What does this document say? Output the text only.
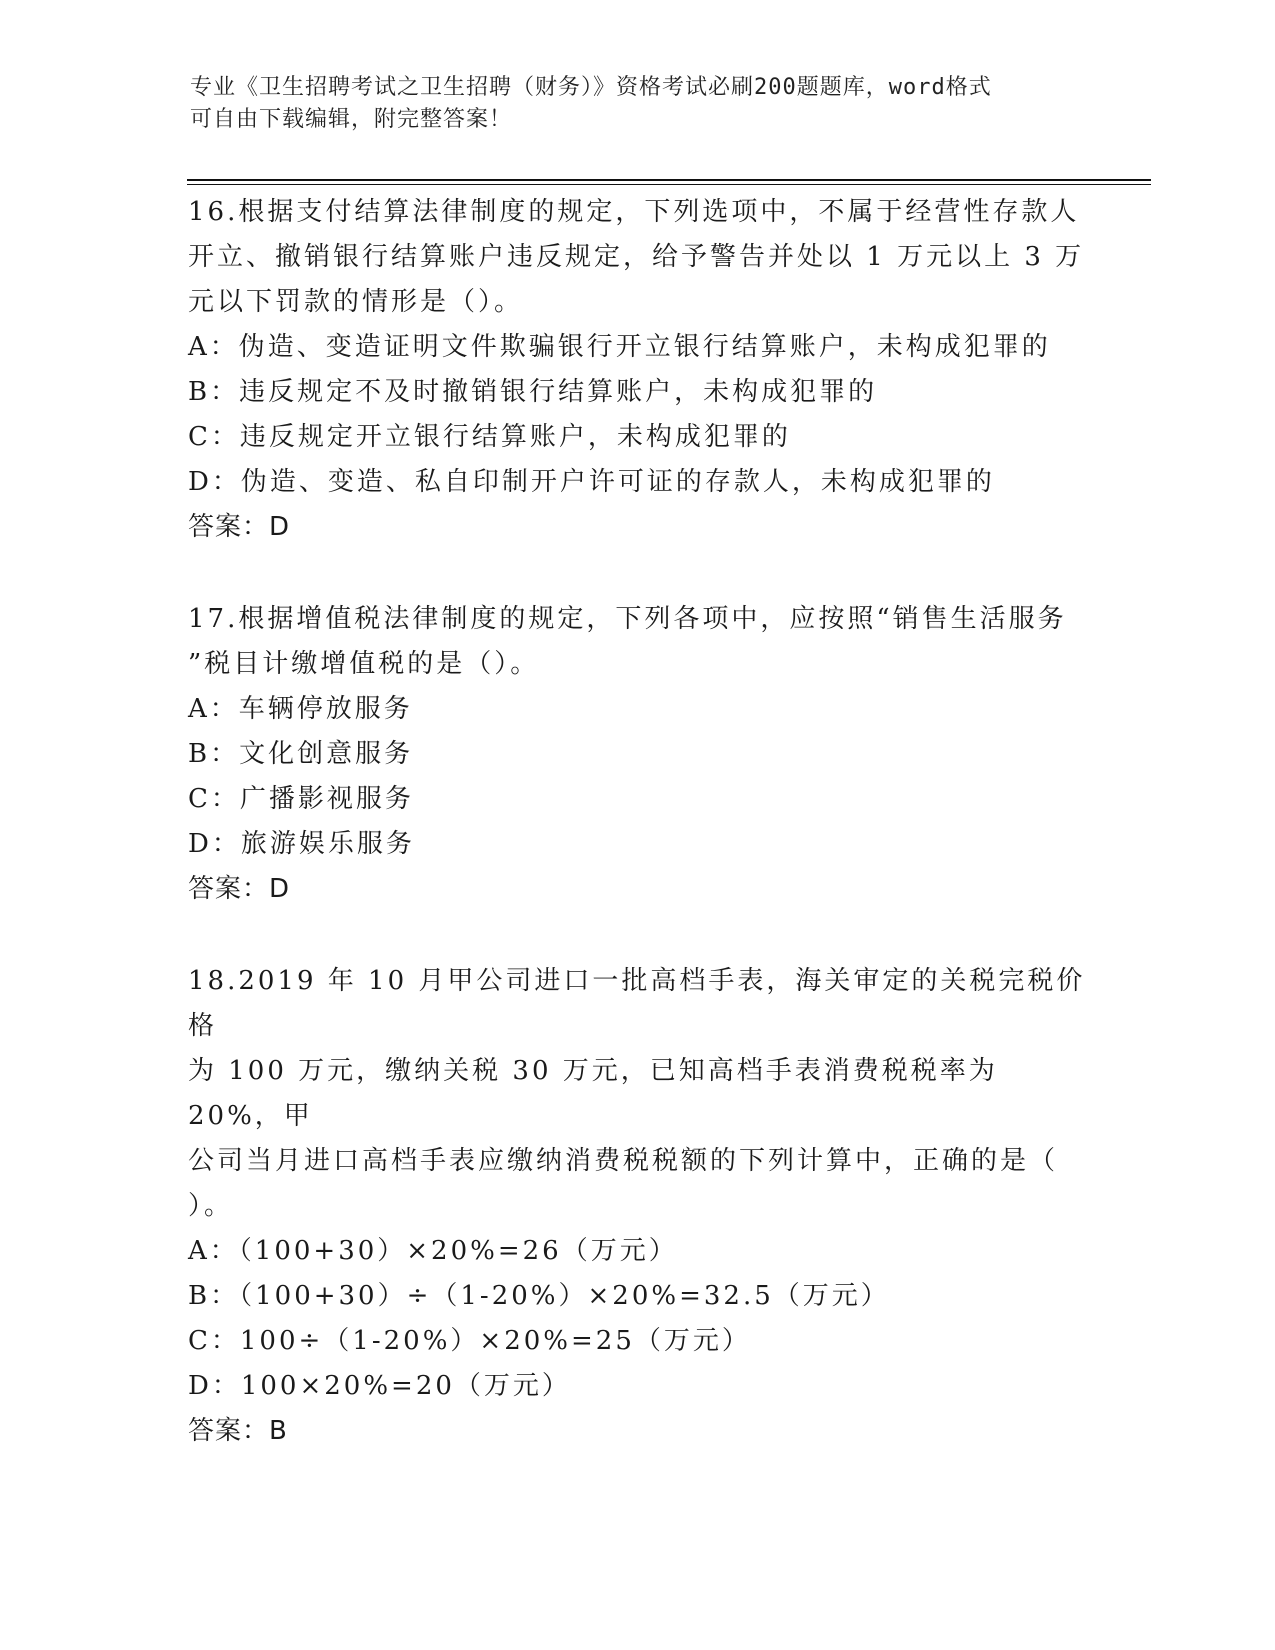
专业《卫生招聘考试之卫生招聘（财务）》资格考试必刷200题题库，word格式
可自由下载编辑，附完整答案！

16.根据支付结算法律制度的规定，下列选项中，不属于经营性存款人

开立、撤销银行结算账户违反规定，给予警告并处以 1 万元以上 3 万

元以下罚款的情形是（）。

A：伪造、变造证明文件欺骗银行开立银行结算账户，未构成犯罪的

B：违反规定不及时撤销银行结算账户，未构成犯罪的

C：违反规定开立银行结算账户，未构成犯罪的

D：伪造、变造、私自印制开户许可证的存款人，未构成犯罪的

答案：D

17.根据增值税法律制度的规定，下列各项中，应按照“销售生活服务

”税目计缴增值税的是（）。

A：车辆停放服务

B：文化创意服务

C：广播影视服务

D：旅游娱乐服务

答案：D

18.2019 年 10 月甲公司进口一批高档手表，海关审定的关税完税价格

为 100 万元，缴纳关税 30 万元，已知高档手表消费税税率为 20%，甲

公司当月进口高档手表应缴纳消费税税额的下列计算中，正确的是（

）。

A：（100+30）×20%=26（万元）

B：（100+30）÷（1-20%）×20%=32.5（万元）

C：100÷（1-20%）×20%=25（万元）

D：100×20%=20（万元）

答案：B
